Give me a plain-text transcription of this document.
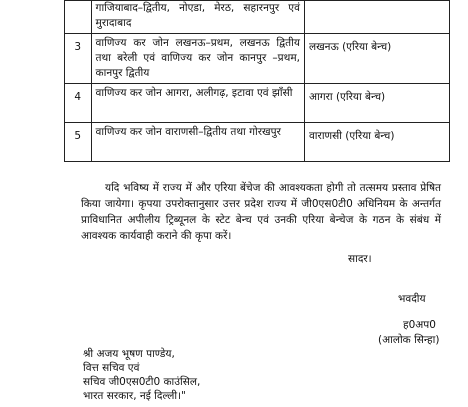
	गाजियाबाद–द्वितीय, नोएडा, मेरठ, सहारनपुर एवं मुरादाबाद	
3	वाणिज्य कर जोन लखनऊ–प्रथम, लखनऊ द्वितीय तथा बरेली एवं वाणिज्य कर जोन कानपुर –प्रथम, कानपुर द्वितीय	लखनऊ (एरिया बेन्च)
4	वाणिज्य कर जोन आगरा, अलीगढ़, इटावा एवं झाँसी	आगरा (एरिया बेन्च)
5	वाणिज्य कर जोन वाराणसी–द्वितीय तथा गोरखपुर	वाराणसी (एरिया बेन्च)

यदि भविष्य में राज्य में और एरिया बेंचेज की आवश्यकता होगी तो तत्समय प्रस्ताव प्रेषित किया जायेगा। कृपया उपरोक्तानुसार उत्तर प्रदेश राज्य में जी0एस0टी0 अधिनियम के अन्तर्गत प्राविधानित अपीलीय ट्रिब्यूनल के स्टेट बेन्च एवं उनकी एरिया बेन्चेज के गठन के संबंध में आवश्यक कार्यवाही कराने की कृपा करें।

सादर।
भवदीय
ह0अप0
(आलोक सिन्हा)
श्री अजय भूषण पाण्डेय,
वित्त सचिव एवं
सचिव जी0एस0टी0 काउंसिल,
भारत सरकार, नई दिल्ली।"
